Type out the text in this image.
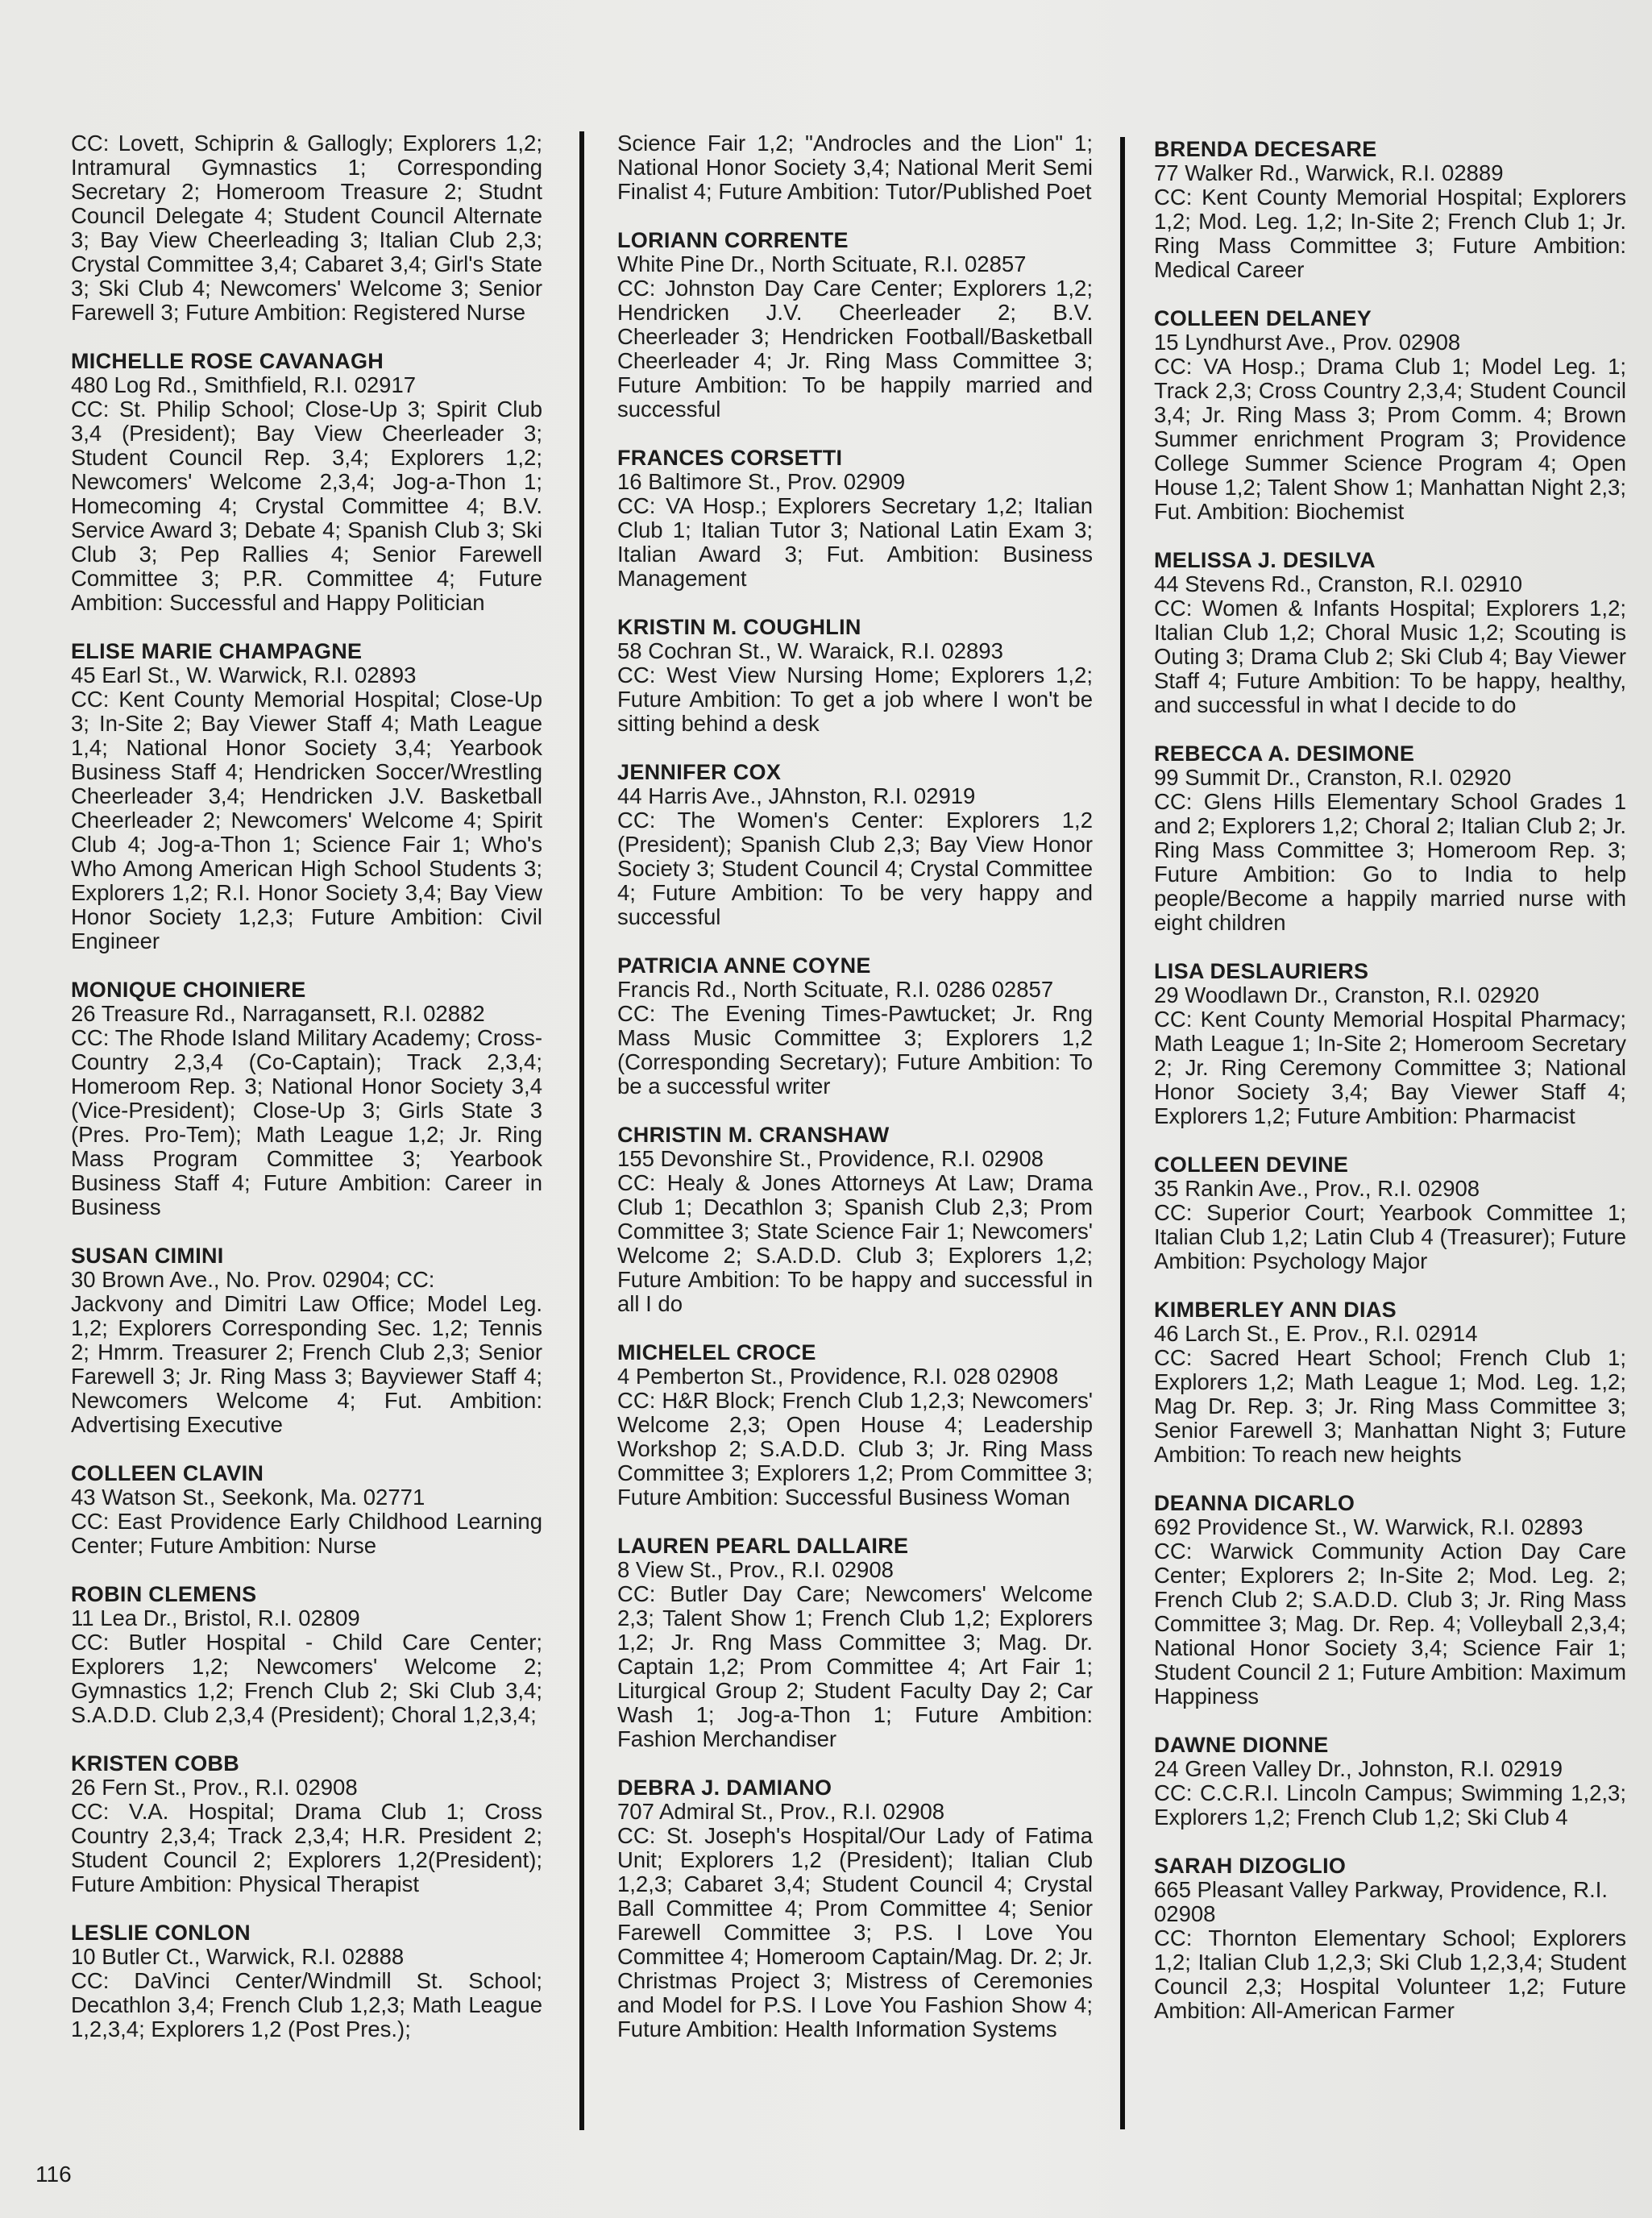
CC: Lovett, Schiprin & Gallogly; Explorers 1,2; Intramural Gymnastics 1; Corresponding Secretary 2; Homeroom Treasure 2; Studnt Council Delegate 4; Student Council Alternate 3; Bay View Cheerleading 3; Italian Club 2,3; Crystal Committee 3,4; Cabaret 3,4; Girl's State 3; Ski Club 4; Newcomers' Welcome 3; Senior Farewell 3; Future Ambition: Registered Nurse
MICHELLE ROSE CAVANAGH
480 Log Rd., Smithfield, R.I. 02917
CC: St. Philip School; Close-Up 3; Spirit Club 3,4 (President); Bay View Cheerleader 3; Student Council Rep. 3,4; Explorers 1,2; Newcomers' Welcome 2,3,4; Jog-a-Thon 1; Homecoming 4; Crystal Committee 4; B.V. Service Award 3; Debate 4; Spanish Club 3; Ski Club 3; Pep Rallies 4; Senior Farewell Committee 3; P.R. Committee 4; Future Ambition: Successful and Happy Politician
ELISE MARIE CHAMPAGNE
45 Earl St., W. Warwick, R.I. 02893
CC: Kent County Memorial Hospital; Close-Up 3; In-Site 2; Bay Viewer Staff 4; Math League 1,4; National Honor Society 3,4; Yearbook Business Staff 4; Hendricken Soccer/Wrestling Cheerleader 3,4; Hendricken J.V. Basketball Cheerleader 2; Newcomers' Welcome 4; Spirit Club 4; Jog-a-Thon 1; Science Fair 1; Who's Who Among American High School Students 3; Explorers 1,2; R.I. Honor Society 3,4; Bay View Honor Society 1,2,3; Future Ambition: Civil Engineer
MONIQUE CHOINIERE
26 Treasure Rd., Narragansett, R.I. 02882
CC: The Rhode Island Military Academy; Cross-Country 2,3,4 (Co-Captain); Track 2,3,4; Homeroom Rep. 3; National Honor Society 3,4 (Vice-President); Close-Up 3; Girls State 3 (Pres. Pro-Tem); Math League 1,2; Jr. Ring Mass Program Committee 3; Yearbook Business Staff 4; Future Ambition: Career in Business
SUSAN CIMINI
30 Brown Ave., No. Prov. 02904; CC:
Jackvony and Dimitri Law Office; Model Leg. 1,2; Explorers Corresponding Sec. 1,2; Tennis 2; Hmrm. Treasurer 2; French Club 2,3; Senior Farewell 3; Jr. Ring Mass 3; Bayviewer Staff 4; Newcomers Welcome 4; Fut. Ambition: Advertising Executive
COLLEEN CLAVIN
43 Watson St., Seekonk, Ma. 02771
CC: East Providence Early Childhood Learning Center; Future Ambition: Nurse
ROBIN CLEMENS
11 Lea Dr., Bristol, R.I. 02809
CC: Butler Hospital - Child Care Center; Explorers 1,2; Newcomers' Welcome 2; Gymnastics 1,2; French Club 2; Ski Club 3,4; S.A.D.D. Club 2,3,4 (President); Choral 1,2,3,4;
KRISTEN COBB
26 Fern St., Prov., R.I. 02908
CC: V.A. Hospital; Drama Club 1; Cross Country 2,3,4; Track 2,3,4; H.R. President 2; Student Council 2; Explorers 1,2(President); Future Ambition: Physical Therapist
LESLIE CONLON
10 Butler Ct., Warwick, R.I. 02888
CC: DaVinci Center/Windmill St. School; Decathlon 3,4; French Club 1,2,3; Math League 1,2,3,4; Explorers 1,2 (Post Pres.);
Science Fair 1,2; "Androcles and the Lion" 1; National Honor Society 3,4; National Merit Semi Finalist 4; Future Ambition: Tutor/Published Poet
LORIANN CORRENTE
White Pine Dr., North Scituate, R.I. 02857
CC: Johnston Day Care Center; Explorers 1,2; Hendricken J.V. Cheerleader 2; B.V. Cheerleader 3; Hendricken Football/Basketball Cheerleader 4; Jr. Ring Mass Committee 3; Future Ambition: To be happily married and successful
FRANCES CORSETTI
16 Baltimore St., Prov. 02909
CC: VA Hosp.; Explorers Secretary 1,2; Italian Club 1; Italian Tutor 3; National Latin Exam 3; Italian Award 3; Fut. Ambition: Business Management
KRISTIN M. COUGHLIN
58 Cochran St., W. Waraick, R.I. 02893
CC: West View Nursing Home; Explorers 1,2; Future Ambition: To get a job where I won't be sitting behind a desk
JENNIFER COX
44 Harris Ave., JAhnston, R.I. 02919
CC: The Women's Center: Explorers 1,2 (President); Spanish Club 2,3; Bay View Honor Society 3; Student Council 4; Crystal Committee 4; Future Ambition: To be very happy and successful
PATRICIA ANNE COYNE
Francis Rd., North Scituate, R.I. 0286 02857
CC: The Evening Times-Pawtucket; Jr. Rng Mass Music Committee 3; Explorers 1,2 (Corresponding Secretary); Future Ambition: To be a successful writer
CHRISTIN M. CRANSHAW
155 Devonshire St., Providence, R.I. 02908
CC: Healy & Jones Attorneys At Law; Drama Club 1; Decathlon 3; Spanish Club 2,3; Prom Committee 3; State Science Fair 1; Newcomers' Welcome 2; S.A.D.D. Club 3; Explorers 1,2; Future Ambition: To be happy and successful in all I do
MICHELEL CROCE
4 Pemberton St., Providence, R.I. 028 02908
CC: H&R Block; French Club 1,2,3; Newcomers' Welcome 2,3; Open House 4; Leadership Workshop 2; S.A.D.D. Club 3; Jr. Ring Mass Committee 3; Explorers 1,2; Prom Committee 3; Future Ambition: Successful Business Woman
LAUREN PEARL DALLAIRE
8 View St., Prov., R.I. 02908
CC: Butler Day Care; Newcomers' Welcome 2,3; Talent Show 1; French Club 1,2; Explorers 1,2; Jr. Rng Mass Committee 3; Mag. Dr. Captain 1,2; Prom Committee 4; Art Fair 1; Liturgical Group 2; Student Faculty Day 2; Car Wash 1; Jog-a-Thon 1; Future Ambition: Fashion Merchandiser
DEBRA J. DAMIANO
707 Admiral St., Prov., R.I. 02908
CC: St. Joseph's Hospital/Our Lady of Fatima Unit; Explorers 1,2 (President); Italian Club 1,2,3; Cabaret 3,4; Student Council 4; Crystal Ball Committee 4; Prom Committee 4; Senior Farewell Committee 3; P.S. I Love You Committee 4; Homeroom Captain/Mag. Dr. 2; Jr. Christmas Project 3; Mistress of Ceremonies and Model for P.S. I Love You Fashion Show 4; Future Ambition: Health Information Systems
BRENDA DECESARE
77 Walker Rd., Warwick, R.I. 02889
CC: Kent County Memorial Hospital; Explorers 1,2; Mod. Leg. 1,2; In-Site 2; French Club 1; Jr. Ring Mass Committee 3; Future Ambition: Medical Career
COLLEEN DELANEY
15 Lyndhurst Ave., Prov. 02908
CC: VA Hosp.; Drama Club 1; Model Leg. 1; Track 2,3; Cross Country 2,3,4; Student Council 3,4; Jr. Ring Mass 3; Prom Comm. 4; Brown Summer enrichment Program 3; Providence College Summer Science Program 4; Open House 1,2; Talent Show 1; Manhattan Night 2,3; Fut. Ambition: Biochemist
MELISSA J. DESILVA
44 Stevens Rd., Cranston, R.I. 02910
CC: Women & Infants Hospital; Explorers 1,2; Italian Club 1,2; Choral Music 1,2; Scouting is Outing 3; Drama Club 2; Ski Club 4; Bay Viewer Staff 4; Future Ambition: To be happy, healthy, and successful in what I decide to do
REBECCA A. DESIMONE
99 Summit Dr., Cranston, R.I. 02920
CC: Glens Hills Elementary School Grades 1 and 2; Explorers 1,2; Choral 2; Italian Club 2; Jr. Ring Mass Committee 3; Homeroom Rep. 3; Future Ambition: Go to India to help people/Become a happily married nurse with eight children
LISA DESLAURIERS
29 Woodlawn Dr., Cranston, R.I. 02920
CC: Kent County Memorial Hospital Pharmacy; Math League 1; In-Site 2; Homeroom Secretary 2; Jr. Ring Ceremony Committee 3; National Honor Society 3,4; Bay Viewer Staff 4; Explorers 1,2; Future Ambition: Pharmacist
COLLEEN DEVINE
35 Rankin Ave., Prov., R.I. 02908
CC: Superior Court; Yearbook Committee 1; Italian Club 1,2; Latin Club 4 (Treasurer); Future Ambition: Psychology Major
KIMBERLEY ANN DIAS
46 Larch St., E. Prov., R.I. 02914
CC: Sacred Heart School; French Club 1; Explorers 1,2; Math League 1; Mod. Leg. 1,2; Mag Dr. Rep. 3; Jr. Ring Mass Committee 3; Senior Farewell 3; Manhattan Night 3; Future Ambition: To reach new heights
DEANNA DICARLO
692 Providence St., W. Warwick, R.I. 02893
CC: Warwick Community Action Day Care Center; Explorers 2; In-Site 2; Mod. Leg. 2; French Club 2; S.A.D.D. Club 3; Jr. Ring Mass Committee 3; Mag. Dr. Rep. 4; Volleyball 2,3,4; National Honor Society 3,4; Science Fair 1; Student Council 2 1; Future Ambition: Maximum Happiness
DAWNE DIONNE
24 Green Valley Dr., Johnston, R.I. 02919
CC: C.C.R.I. Lincoln Campus; Swimming 1,2,3; Explorers 1,2; French Club 1,2; Ski Club 4
SARAH DIZOGLIO
665 Pleasant Valley Parkway, Providence, R.I. 02908
CC: Thornton Elementary School; Explorers 1,2; Italian Club 1,2,3; Ski Club 1,2,3,4; Student Council 2,3; Hospital Volunteer 1,2; Future Ambition: All-American Farmer
116
